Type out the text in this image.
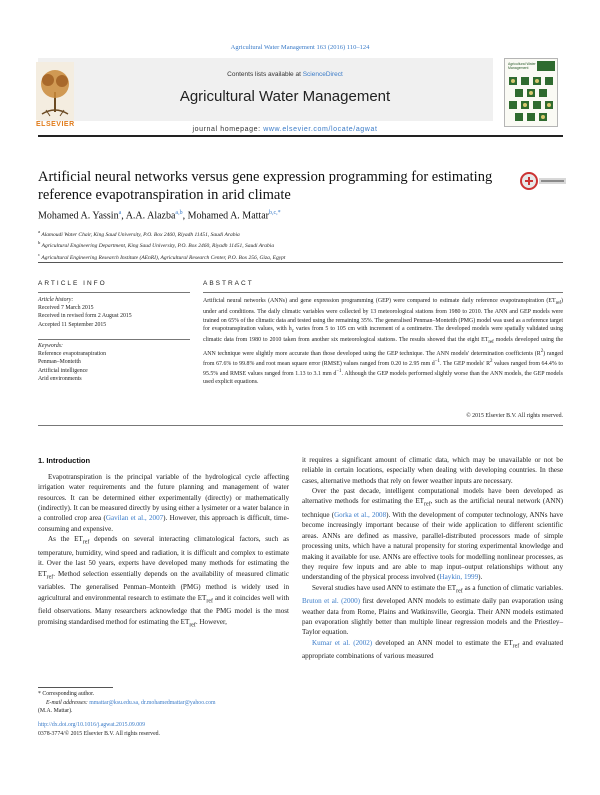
Agricultural Water Management 163 (2016) 110–124
ELSEVIER
Contents lists available at ScienceDirect
Agricultural Water Management
journal homepage: www.elsevier.com/locate/agwat
Agricultural Water Management
Artificial neural networks versus gene expression programming for estimating reference evapotranspiration in arid climate
Mohamed A. Yassin$^a$, A.A. Alazba$^{a,b}$, Mohamed A. Mattar$^{b,c,*}$
$^a$ Alamoudi Water Chair, King Saud University, P.O. Box 2460, Riyadh 11451, Saudi Arabia
$^b$ Agricultural Engineering Department, King Saud University, P.O. Box 2460, Riyadh 11451, Saudi Arabia
$^c$ Agricultural Engineering Research Institute (AEnRI), Agricultural Research Center, P.O. Box 256, Giza, Egypt
ARTICLE INFO
Article history:
Received 7 March 2015
Received in revised form 2 August 2015
Accepted 11 September 2015
Keywords:
Reference evapotranspiration
Penman–Monteith
Artificial intelligence
Arid environments
ABSTRACT
Artificial neural networks (ANNs) and gene expression programming (GEP) were compared to estimate daily reference evapotranspiration $(ET_{ref})$ under arid conditions. The daily climatic variables were collected by 13 meteorological stations from 1980 to 2010. The ANN and GEP models were trained on 65% of the climatic data and tested using the remaining 35%. The generalised Penman–Monteith (PMG) model was used as a reference target for evapotranspiration values, with $h_c$ varies from 5 to 105 cm with increment of a centimetre. The developed models were spatially validated using climatic data from 1980 to 2010 taken from another six meteorological stations. The results showed that the eight $ET_{ref}$ models developed using the ANN technique were slightly more accurate than those developed using the GEP technique. The ANN models' determination coefficients $(R^2)$ ranged from 67.6% to 99.8% and root mean square error (RMSE) values ranged from 0.20 to 2.95 mm $d^{-1}$. The GEP models' $R^2$ values ranged from 64.4% to 95.5% and RMSE values ranged from 1.13 to 3.1 mm $d^{-1}$. Although the GEP models performed slightly worse than the ANN models, the GEP models used explicit equations.
© 2015 Elsevier B.V. All rights reserved.
1. Introduction

Evapotranspiration is the principal variable of the hydrological cycle affecting irrigation water requirements and the future planning and management of water resources. It can be determined either experimentally (directly) or mathematically (indirectly). It can be measured directly by using either a lysimeter or a water balance in a controlled crop area (Gavilan et al., 2007). However, this approach is difficult, time-consuming and expensive.

As the $ET_{ref}$ depends on several interacting climatological factors, such as temperature, humidity, wind speed and radiation, it is difficult and complex to estimate it. Over the last 50 years, experts have developed many methods for estimating the $ET_{ref}$. Method selection essentially depends on the availability of measured climatic variables. The generalised Penman–Monteith (PMG) method is widely used in agricultural and environmental research to estimate the $ET_{ref}$ and it coincides well with field observations. Many researchers acknowledge that the PMG model is the most promising standardised method for estimating the $ET_{ref}$. However,

it requires a significant amount of climatic data, which may be unavailable or not be reliable in certain locations, especially when dealing with developing countries. In these cases, alternative methods that rely on fewer weather inputs are necessary.

Over the past decade, intelligent computational models have been developed as alternative methods for estimating the $ET_{ref}$, such as the artificial neural network (ANN) technique (Gorka et al., 2008). With the development of computer technology, ANNs have become increasingly important because of their wide application to different scientific areas. ANNs are defined as massive, parallel-distributed processors made of simple processing units, which have a natural propensity for storing experimental knowledge and making it available for use. ANNs are effective tools for modelling nonlinear processes, as they require few inputs and are able to map input–output relationships without any understanding of the physical process involved (Haykin, 1999).

Several studies have used ANN to estimate the $ET_{ref}$ as a function of climatic variables. Bruton et al. (2000) first developed ANN models to estimate daily pan evaporation using weather data from Rome, Plains and Watkinsville, Georgia. Their ANN models estimated pan evaporation slightly better than multiple linear regression models and the Priestley–Taylor equation.

Kumar et al. (2002) developed an ANN model to estimate the $ET_{ref}$ and evaluated appropriate combinations of various measured

* Corresponding author.
E-mail addresses: mmattar@ksu.edu.sa, dr.mohamedmattar@yahoo.com
(M.A. Mattar).
http://dx.doi.org/10.1016/j.agwat.2015.09.009
0378-3774/© 2015 Elsevier B.V. All rights reserved.
